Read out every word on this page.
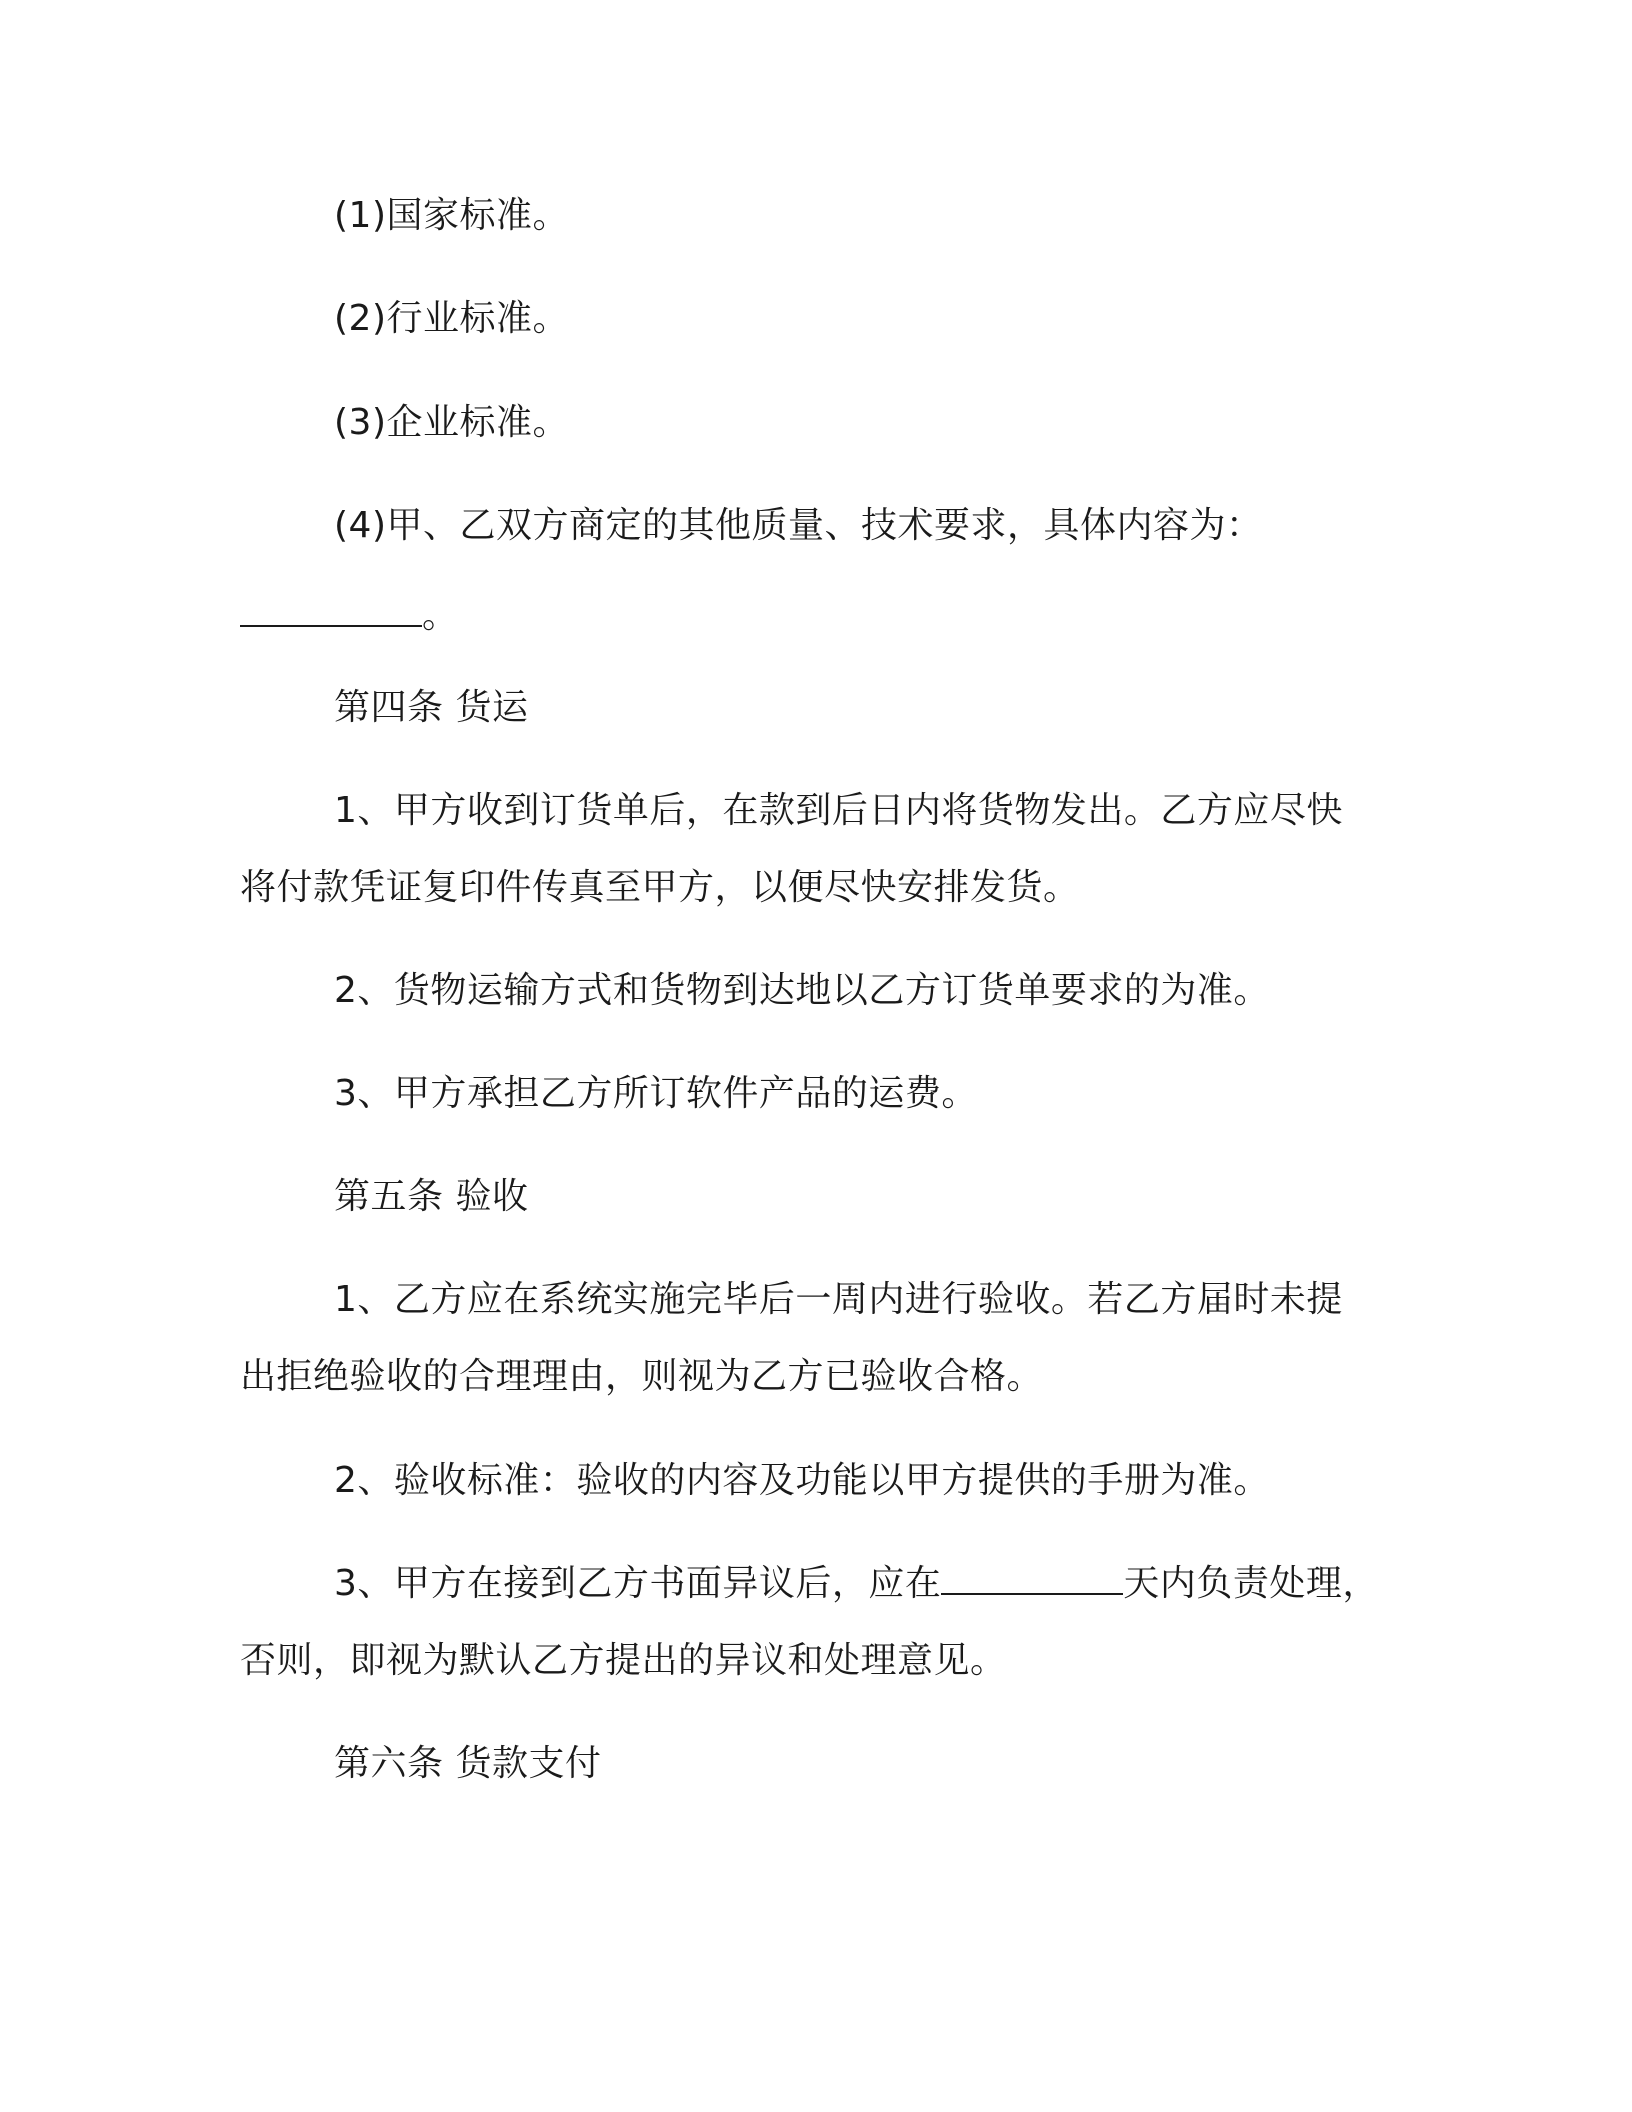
(1)国家标准。
(2)行业标准。
(3)企业标准。
(4)甲、乙双方商定的其他质量、技术要求，具体内容为：
。
第四条 货运
1、甲方收到订货单后，在款到后日内将货物发出。乙方应尽快
将付款凭证复印件传真至甲方，以便尽快安排发货。
2、货物运输方式和货物到达地以乙方订货单要求的为准。
3、甲方承担乙方所订软件产品的运费。
第五条 验收
1、乙方应在系统实施完毕后一周内进行验收。若乙方届时未提
出拒绝验收的合理理由，则视为乙方已验收合格。
2、验收标准：验收的内容及功能以甲方提供的手册为准。
3、甲方在接到乙方书面异议后，应在	天内负责处理，
否则，即视为默认乙方提出的异议和处理意见。
第六条 货款支付
